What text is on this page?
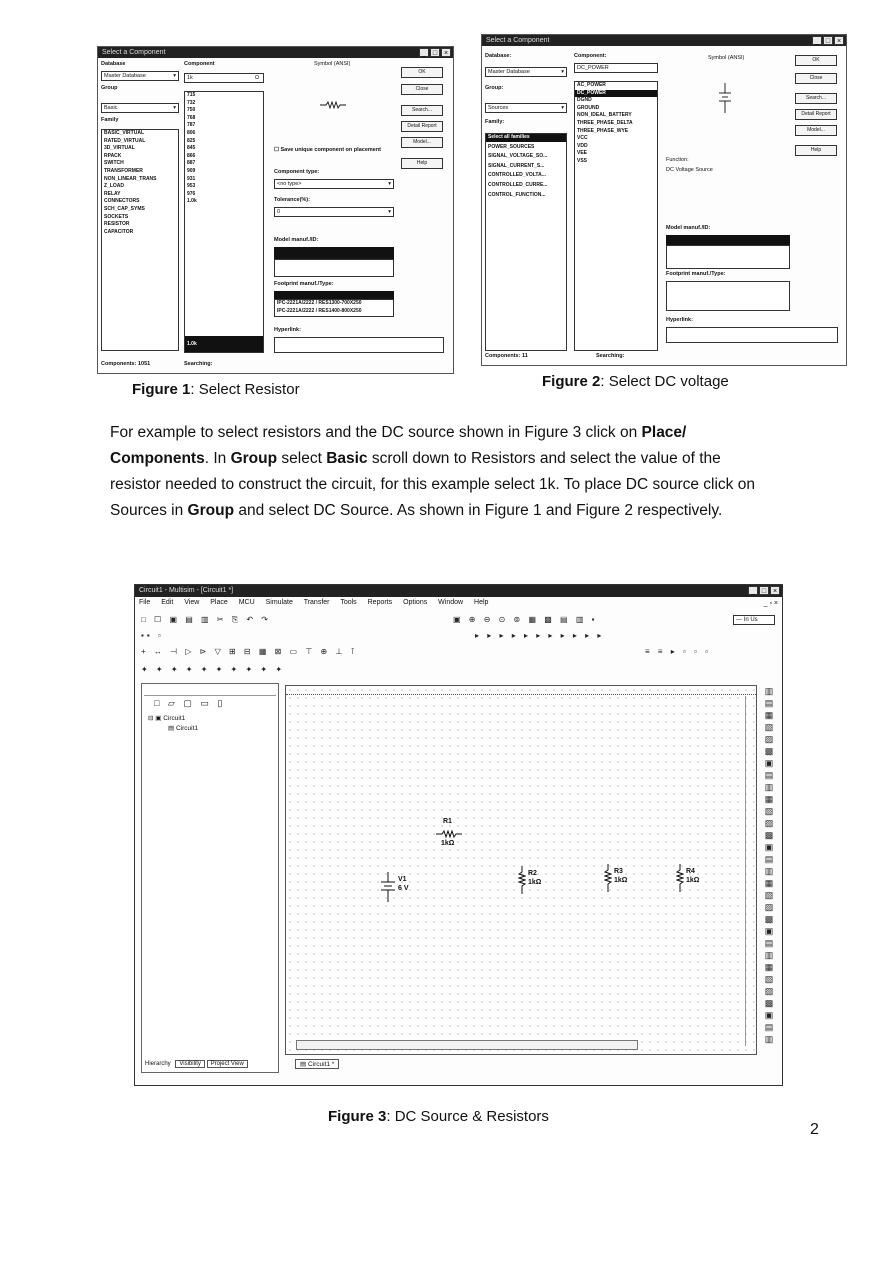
Select a Component	_ □ ×
Database
Master Database	▾
Group
Basic	▾
Family
BASIC_VIRTUAL
RATED_VIRTUAL
3D_VIRTUAL
RPACK
SWITCH
TRANSFORMER
NON_LINEAR_TRANS
Z_LOAD
RELAY
CONNECTORS
SCH_CAP_SYMS
SOCKETS
RESISTOR
CAPACITOR
Components: 1051
Component
1k	Ω
715
732
750
768
787
806
825
845
866
887
909
931
953
976
1.0k
1.0k
Searching:
Symbol (ANSI)
OK
Close
Search...
Detail Report
Model...
Help
☐ Save unique component on placement
Component type:
<no type>	▾
Tolerance(%):
0	▾
Model manuf./ID:
Footprint manuf./Type:
IPC-2221A/2222 / RES1300-700X250
IPC-2221A/2222 / RES1400-800X250
Hyperlink:
Figure 1: Select Resistor
Select a Component	_ □ ×
Database:
Master Database	▾
Group:
Sources	▾
Family:
Select all families
POWER_SOURCES
SIGNAL_VOLTAGE_SO...
SIGNAL_CURRENT_S...
CONTROLLED_VOLTA...
CONTROLLED_CURRE...
CONTROL_FUNCTION...
Components: 11
Component:
DC_POWER
AC_POWER
DC_POWER
DGND
GROUND
NON_IDEAL_BATTERY
THREE_PHASE_DELTA
THREE_PHASE_WYE
VCC
VDD
VEE
VSS
Searching:
Symbol (ANSI)	OK
Close
Search...
Detail Report
Model...
Help
Function:
DC Voltage Source
Model manuf./ID:
Footprint manuf./Type:
Hyperlink:
Figure 2: Select DC voltage
For example to select resistors and the DC source shown in Figure 3 click on Place/ Components. In Group select Basic scroll down to Resistors and select the value of the resistor needed to construct the circuit, for this example select 1k. To place DC source click on Sources in Group and select DC Source. As shown in Figure 1 and Figure 2 respectively.
Circuit1 - Multisim - [Circuit1 *]	_ □ ×
File Edit View Place MCU Simulate Transfer Tools Reports Options Window Help	_ ▫ ×
□ ☐ ▣ ▤ ▥ ✂ ⎘ ↶ ↷	▣ ⊕ ⊖ ⊙ ⊚ ▦ ▩ ▤ ▥ ▪	--- In Us
▪▪ ▫	▸ ▸ ▸ ▸ ▸ ▸ ▸ ▸ ▸ ▸ ▸
+ ↔ ⊣ ▷ ⊳ ▽ ⊞ ⊟ ▦ ⊠ ▭ ⊤ ⊕ ⊥ ⊺	≡ ≡ ▸ ▫ ▫ ▫
✦ ✦ ✦ ✦ ✦ ✦ ✦ ✦ ✦ ✦
□ ▱ ▢ ▭ ▯
⊟ ▣ Circuit1
▤ Circuit1
Hierarchy Visibility Project View
R1
1kΩ
V1
6 V
R2
1kΩ
R3
1kΩ
R4
1kΩ
▥
▤
▦
▧
▨
▩
▣
▤
▥
▦
▧
▨
▩
▣
▤
▥
▦
▧
▨
▩
▣
▤
▥
▦
▧
▨
▩
▣
▤
▥
▤ Circuit1 *
Figure 3: DC Source & Resistors
2
